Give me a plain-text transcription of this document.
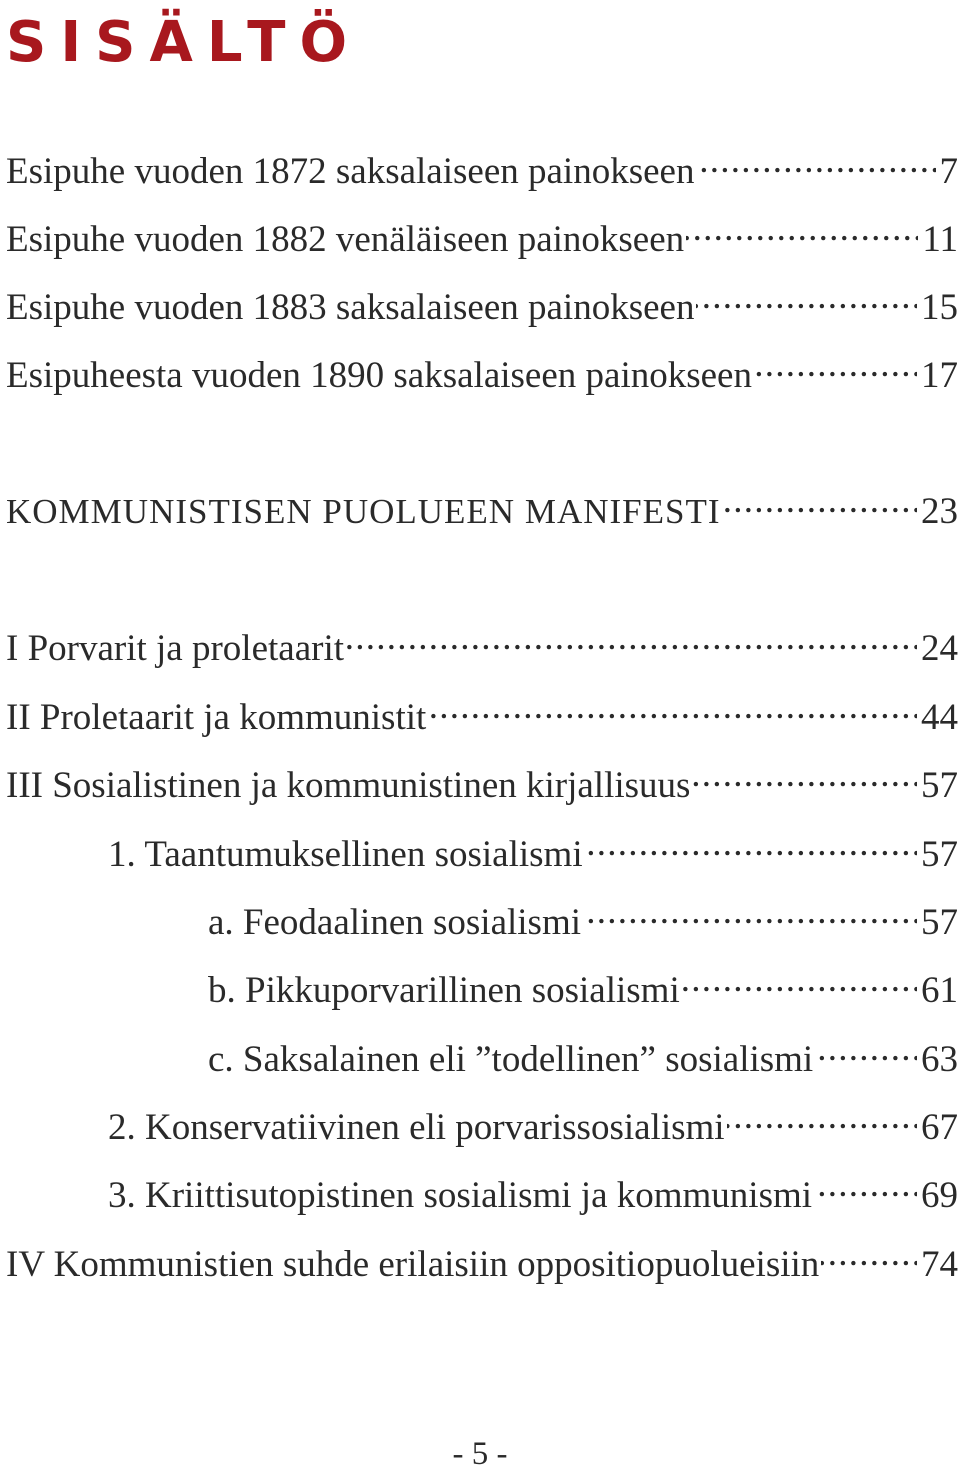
SISÄLTÖ
Esipuhe vuoden 1872 saksalaiseen painokseen . . .	7
Esipuhe vuoden 1882 venäläiseen painokseen . . .	11
Esipuhe vuoden 1883 saksalaiseen painokseen . . .	15
Esipuheesta vuoden 1890 saksalaiseen painokseen . . .	17
KOMMUNISTISEN PUOLUEEN MANIFESTI . . .	23
I Porvarit ja proletaarit . . .	24
II Proletaarit ja kommunistit . . .	44
III Sosialistinen ja kommunistinen kirjallisuus . . .	57
1. Taantumuksellinen sosialismi . . .	57
a. Feodaalinen sosialismi . . .	57
b. Pikkuporvarillinen sosialismi . . .	61
c. Saksalainen eli ”todellinen” sosialismi . . .	63
2. Konservatiivinen eli porvarissosialismi . . .	67
3. Kriittisutopistinen sosialismi ja kommunismi . . .	69
IV Kommunistien suhde erilaisiin oppositiopuolueisiin . . .	74
- 5 -
